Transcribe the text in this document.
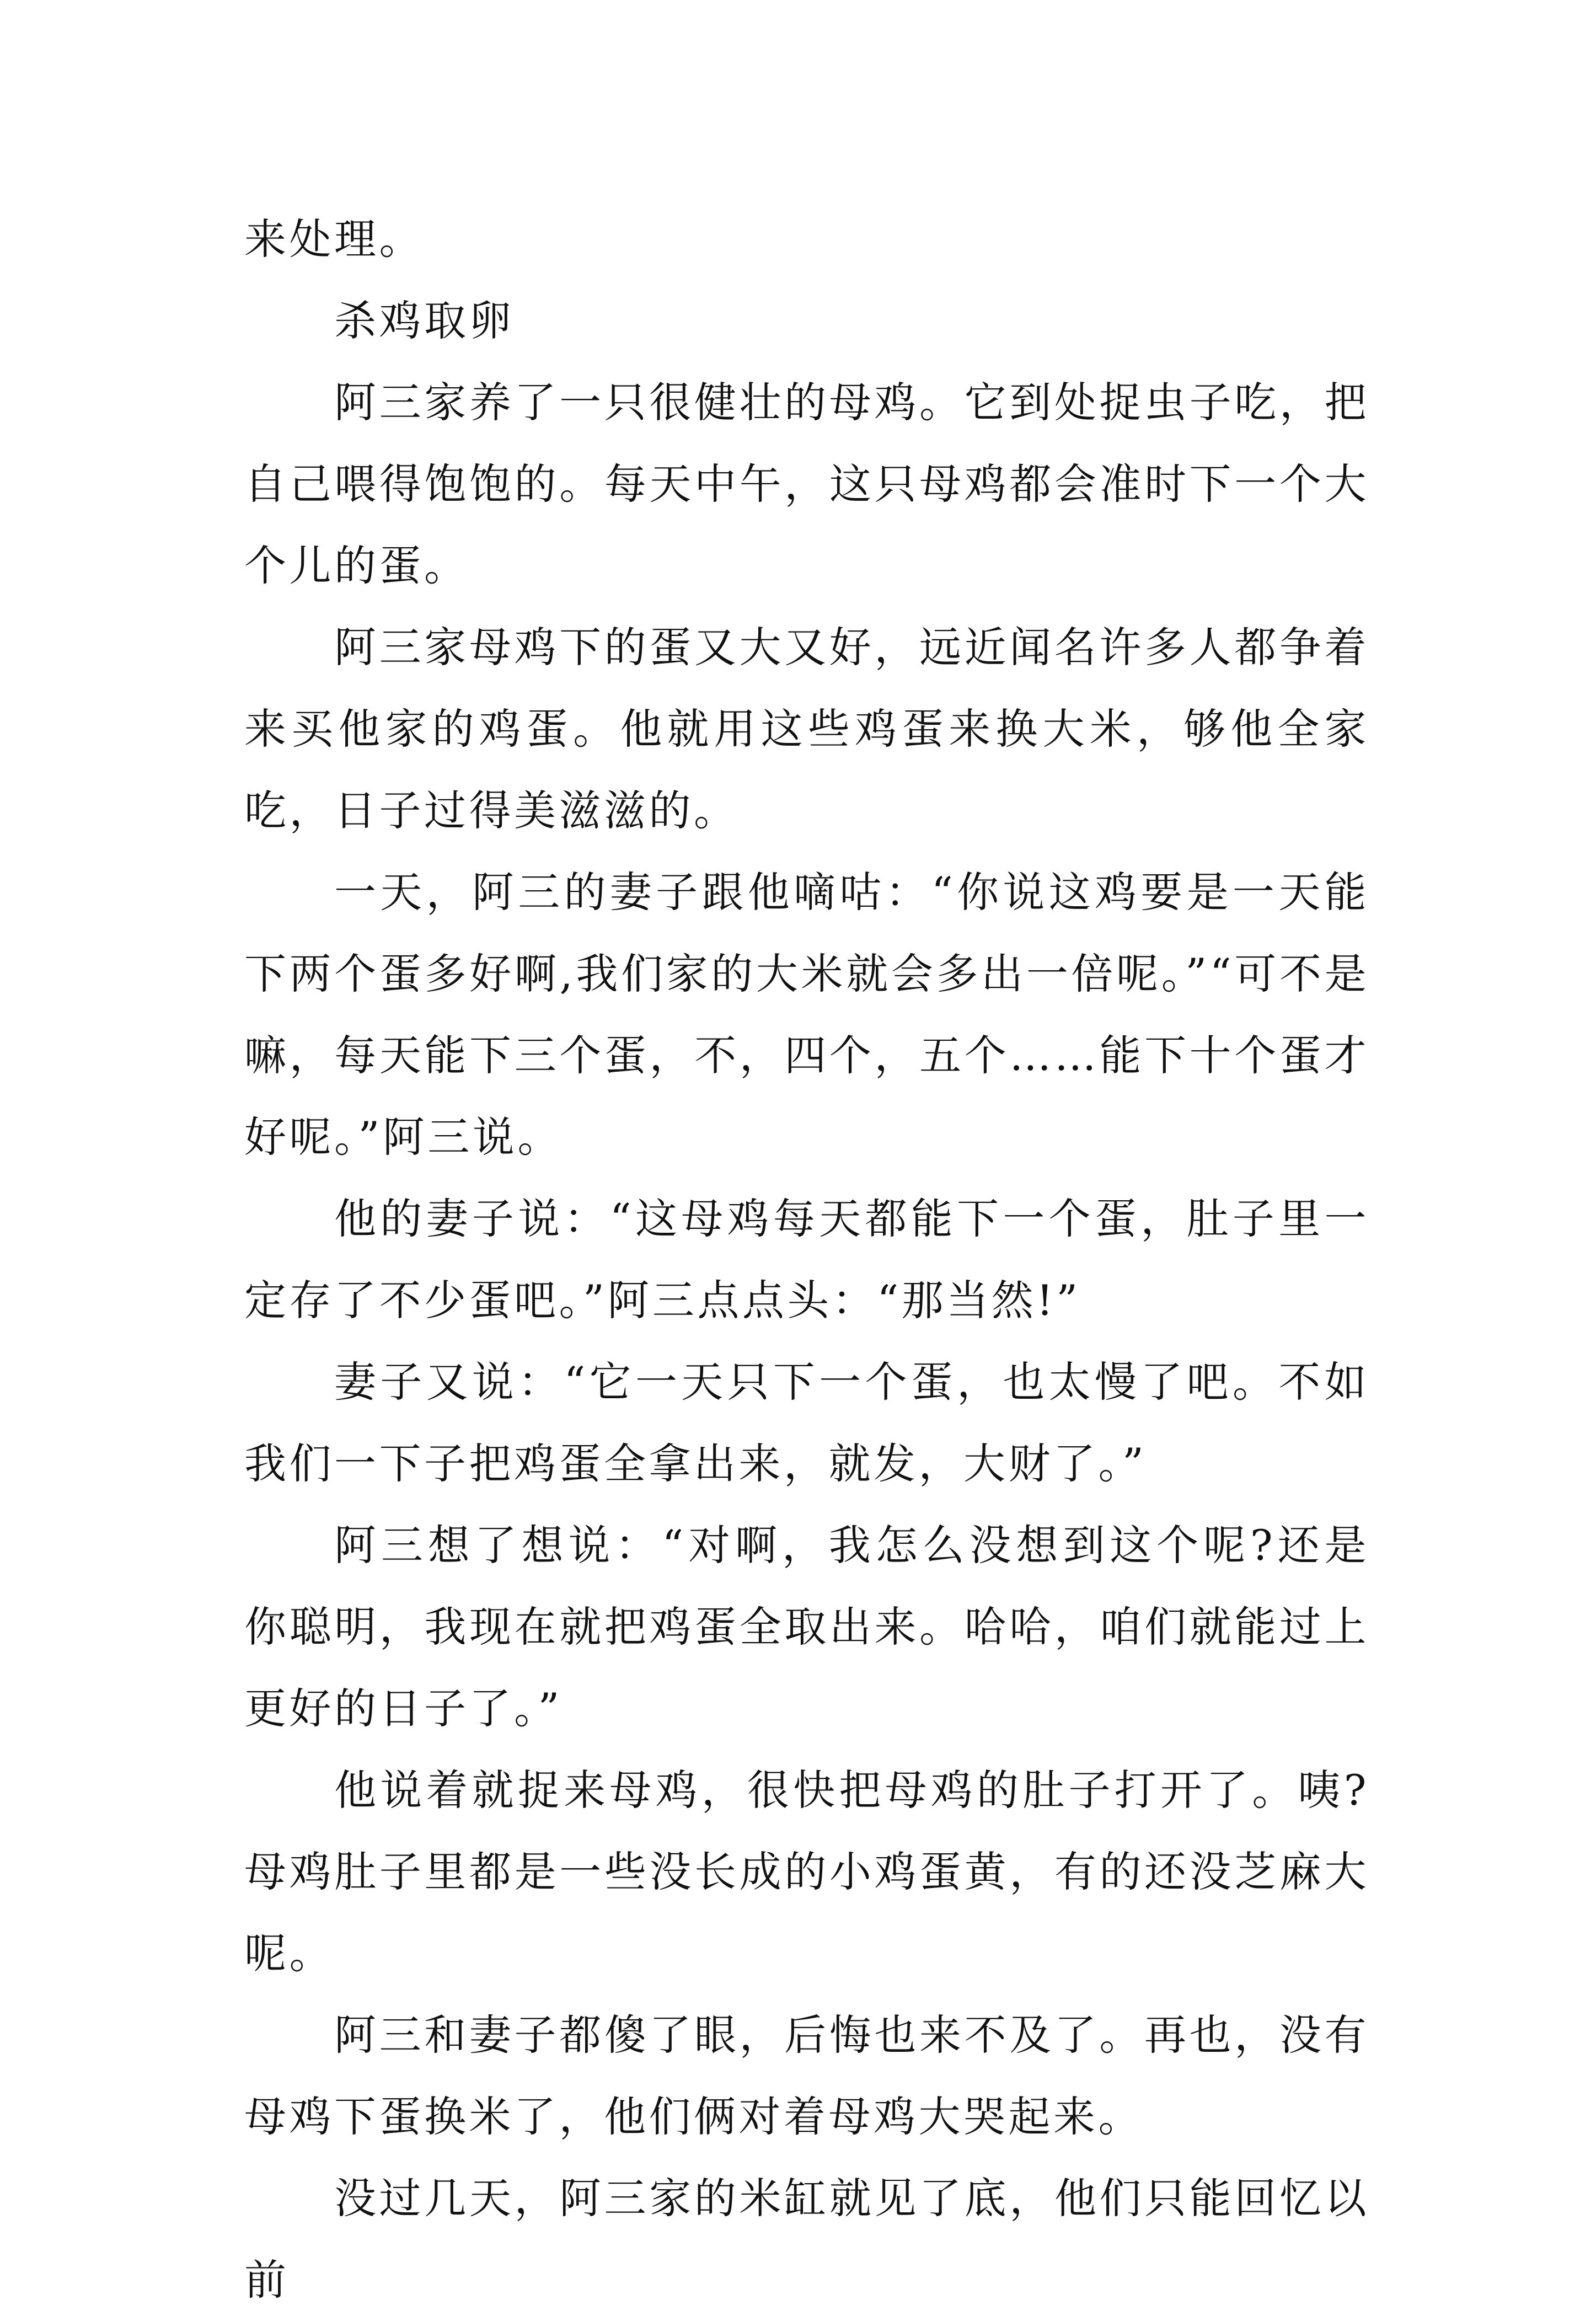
来处理。

杀鸡取卵

阿三家养了一只很健壮的母鸡。它到处捉虫子吃，把自己喂得饱饱的。每天中午，这只母鸡都会准时下一个大个儿的蛋。

阿三家母鸡下的蛋又大又好，远近闻名许多人都争着来买他家的鸡蛋。他就用这些鸡蛋来换大米，够他全家吃，日子过得美滋滋的。

一天，阿三的妻子跟他嘀咕：“你说这鸡要是一天能下两个蛋多好啊,我们家的大米就会多出一倍呢。”“可不是嘛，每天能下三个蛋，不，四个，五个……能下十个蛋才好呢。”阿三说。

他的妻子说：“这母鸡每天都能下一个蛋，肚子里一定存了不少蛋吧。”阿三点点头：“那当然!”

妻子又说：“它一天只下一个蛋，也太慢了吧。不如我们一下子把鸡蛋全拿出来，就发，大财了。”

阿三想了想说：“对啊，我怎么没想到这个呢?还是你聪明，我现在就把鸡蛋全取出来。哈哈，咱们就能过上更好的日子了。”

他说着就捉来母鸡，很快把母鸡的肚子打开了。咦?母鸡肚子里都是一些没长成的小鸡蛋黄，有的还没芝麻大呢。

阿三和妻子都傻了眼，后悔也来不及了。再也，没有母鸡下蛋换米了，他们俩对着母鸡大哭起来。

没过几天，阿三家的米缸就见了底，他们只能回忆以前
